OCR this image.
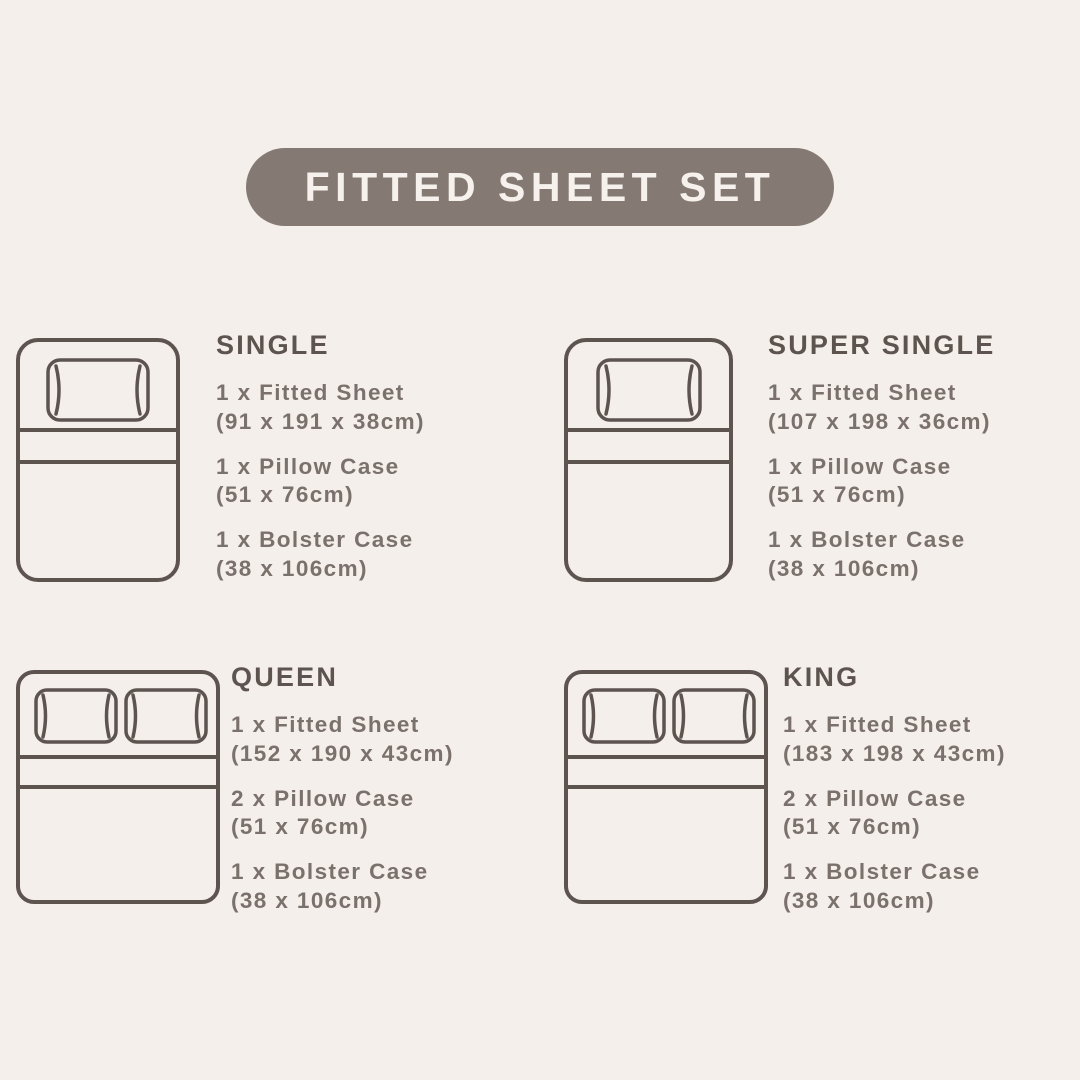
FITTED SHEET SET
SINGLE
1 x Fitted Sheet
(91 x 191 x 38cm)
1 x Pillow Case
(51 x 76cm)
1 x Bolster Case
(38 x 106cm)
SUPER SINGLE
1 x Fitted Sheet
(107 x 198 x 36cm)
1 x Pillow Case
(51 x 76cm)
1 x Bolster Case
(38 x 106cm)
QUEEN
1 x Fitted Sheet
(152 x 190 x 43cm)
2 x Pillow Case
(51 x 76cm)
1 x Bolster Case
(38 x 106cm)
KING
1 x Fitted Sheet
(183 x 198 x 43cm)
2 x Pillow Case
(51 x 76cm)
1 x Bolster Case
(38 x 106cm)
